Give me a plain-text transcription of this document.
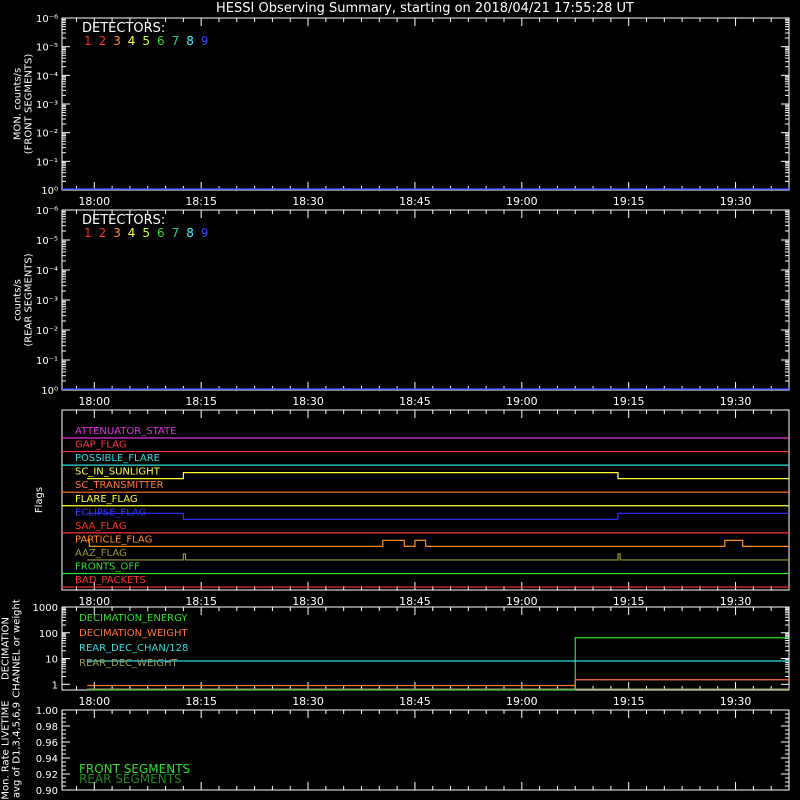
HESSI Observing Summary, starting on 2018/04/21 17:55:28 UT
18:00	18:15	18:30	18:45	19:00	19:15	19:30
10⁰
10⁻¹
10⁻²
10⁻³
10⁻⁴
10⁻⁵
10⁻⁶
MON. counts/s (FRONT SEGMENTS)
DETECTORS:
1 2 3 4 5 6 7 8 9
18:00	18:15	18:30	18:45	19:00	19:15	19:30
10⁰
10⁻¹
10⁻²
10⁻³
10⁻⁴
10⁻⁵
10⁻⁶
counts/s (REAR SEGMENTS)
DETECTORS:
1 2 3 4 5 6 7 8 9
18:00	18:15	18:30	18:45	19:00	19:15	19:30
Flags
ATTENUATOR_STATE
GAP_FLAG
POSSIBLE_FLARE
SC_IN_SUNLIGHT
SC_TRANSMITTER
FLARE_FLAG
ECLIPSE_FLAG
SAA_FLAG
PARTICLE_FLAG
AAZ_FLAG
FRONTS_OFF
BAD_PACKETS
18:00	18:15	18:30	18:45	19:00	19:15	19:30
1
10
100
1000
DECIMATION CHANNEL or weight	DECIMATION_ENERGY
DECIMATION_WEIGHT
REAR_DEC_CHAN/128
REAR_DEC_WEIGHT
0.90
0.92
0.94
0.96
0.98
1.00
Mon. Rate LIVETIME avg of D1,3,4,5,6,9	FRONT SEGMENTS
REAR SEGMENTS
